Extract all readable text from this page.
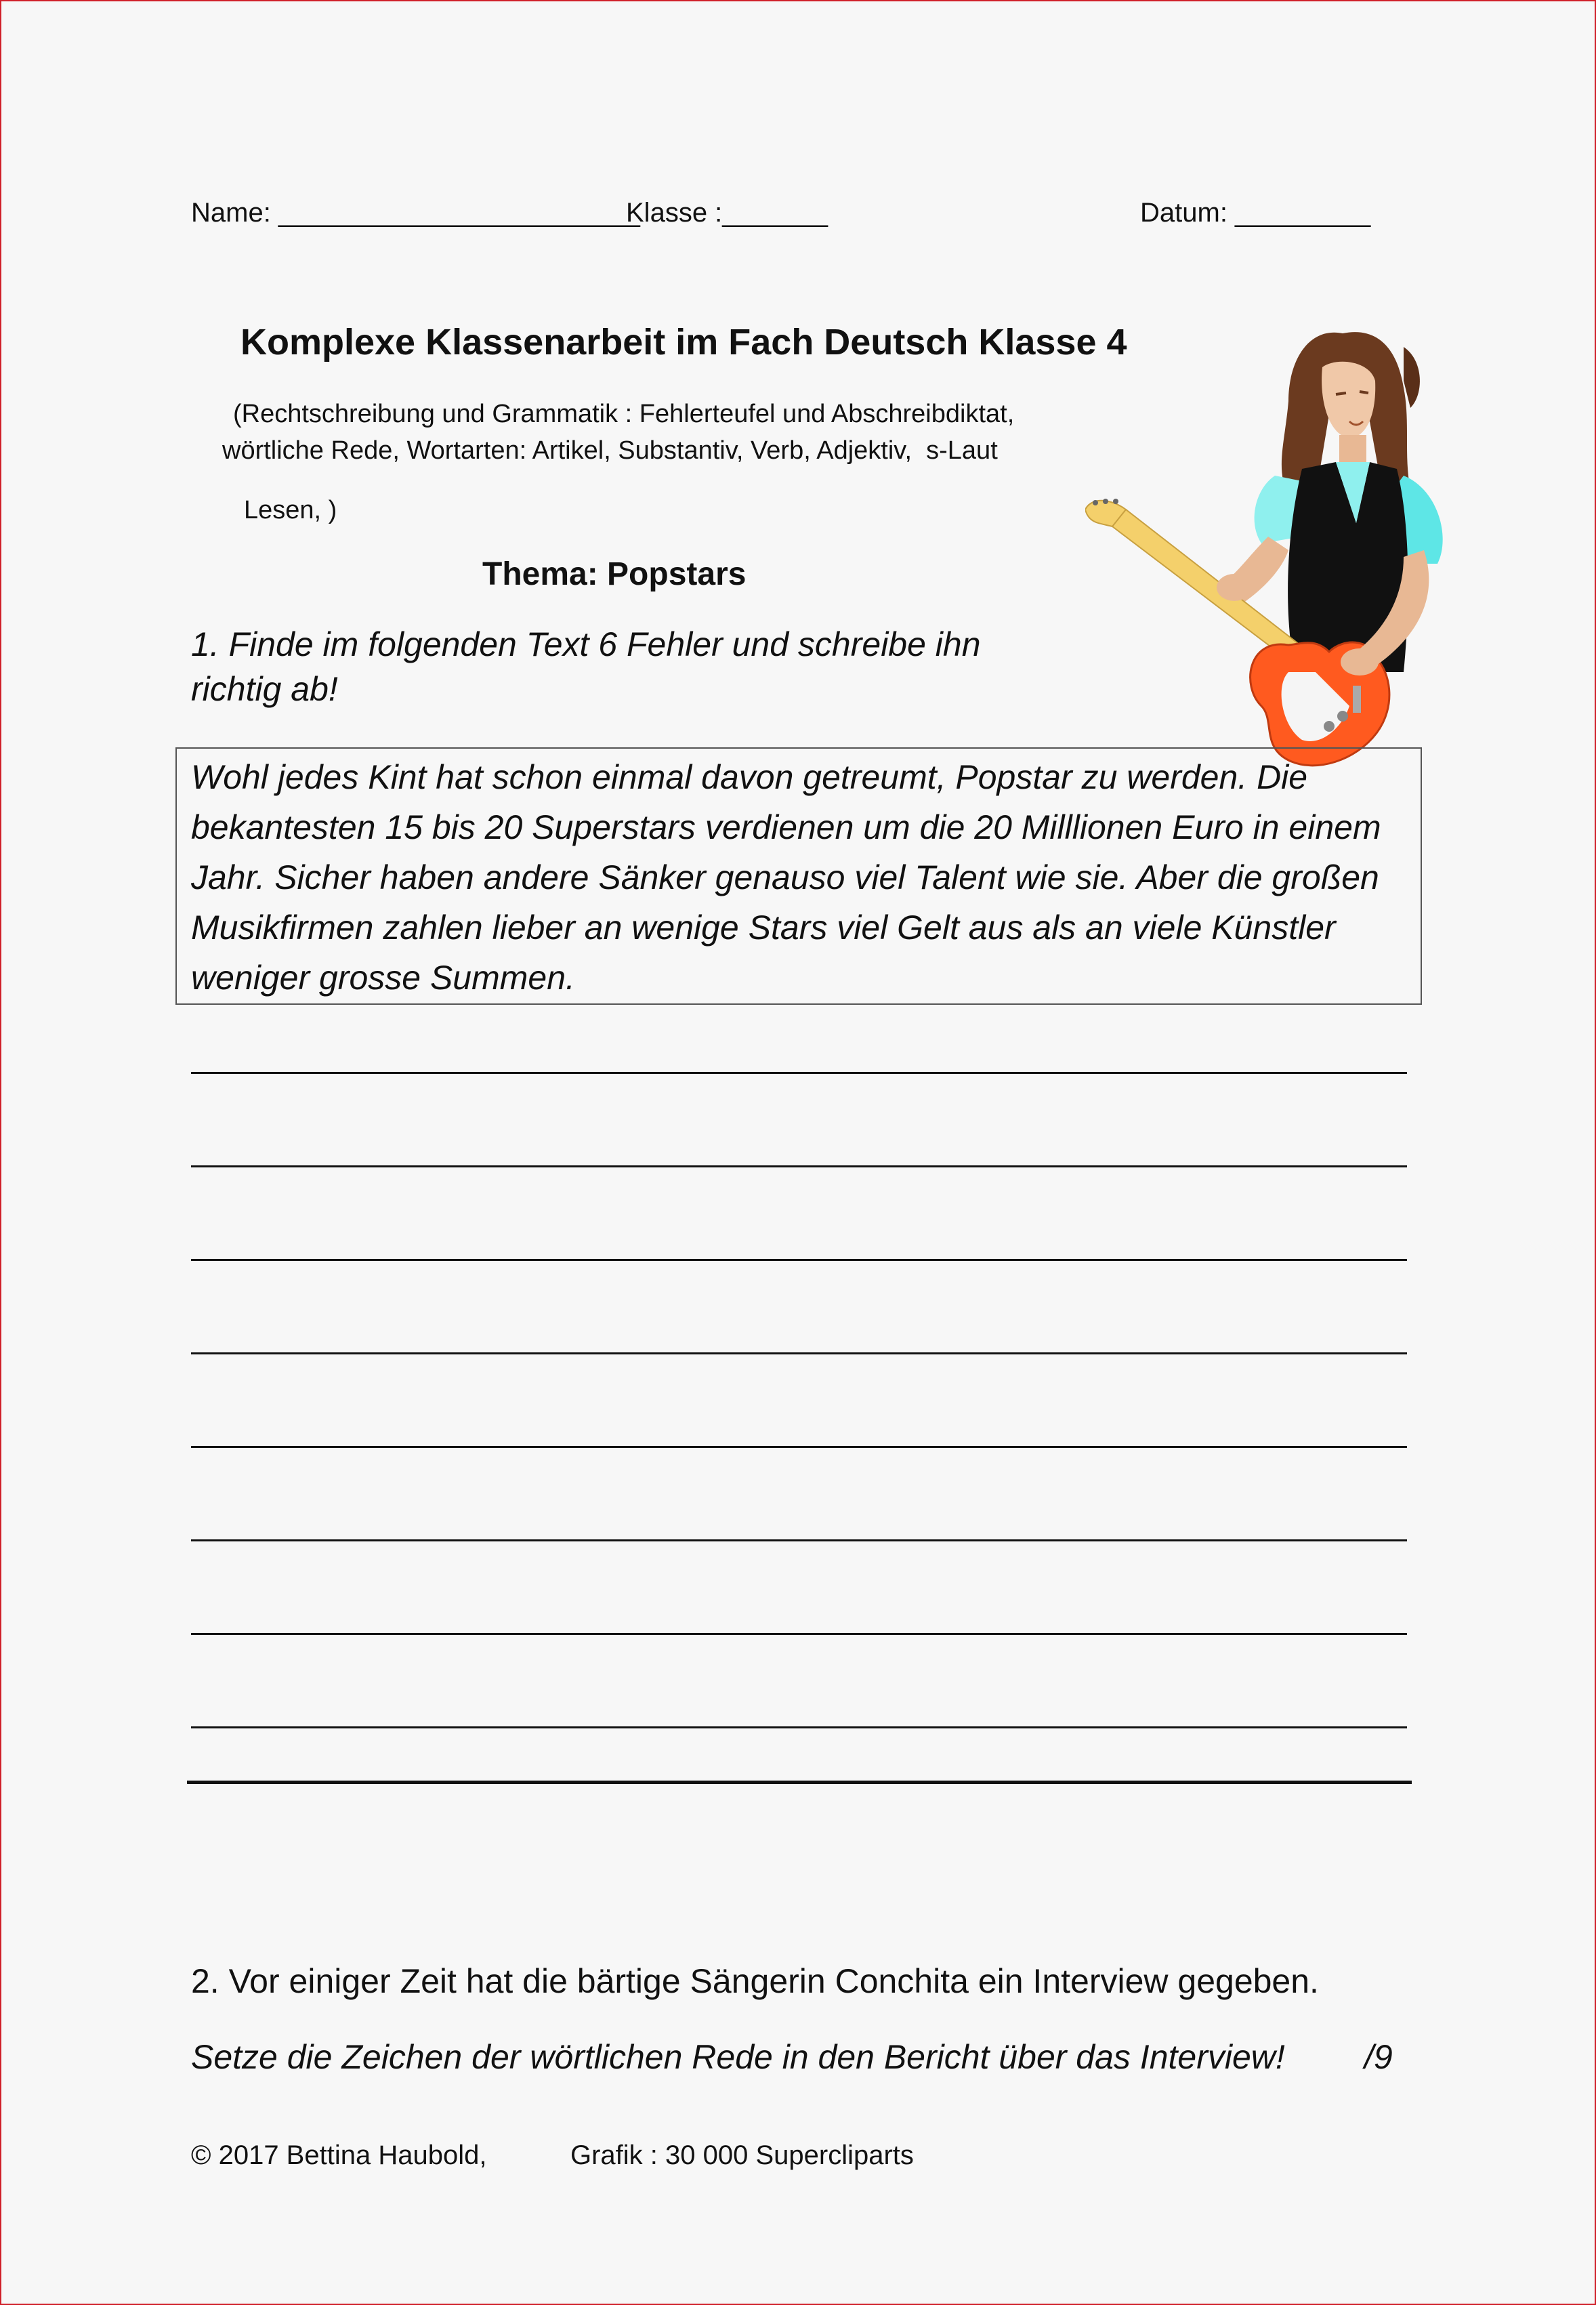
Name: ________________________
Klasse :_______	Datum: _________
Komplexe Klassenarbeit im Fach Deutsch Klasse 4
(Rechtschreibung und Grammatik : Fehlerteufel und Abschreibdiktat,
wörtliche Rede, Wortarten: Artikel, Substantiv, Verb, Adjektiv,  s-Laut
Lesen, )
Thema: Popstars
1. Finde im folgenden Text 6 Fehler und schreibe ihn
richtig ab!
Wohl jedes Kint hat schon einmal davon getreumt, Popstar zu werden. Die
bekantesten 15 bis 20 Superstars verdienen um die 20 Milllionen Euro in einem
Jahr. Sicher haben andere Sänker genauso viel Talent wie sie. Aber die großen
Musikfirmen zahlen lieber an wenige Stars viel Gelt aus als an viele Künstler
weniger grosse Summen.
2. Vor einiger Zeit hat die bärtige Sängerin Conchita ein Interview gegeben.
Setze die Zeichen der wörtlichen Rede in den Bericht über das Interview! /9
© 2017 Bettina Haubold,	Grafik : 30 000 Supercliparts
